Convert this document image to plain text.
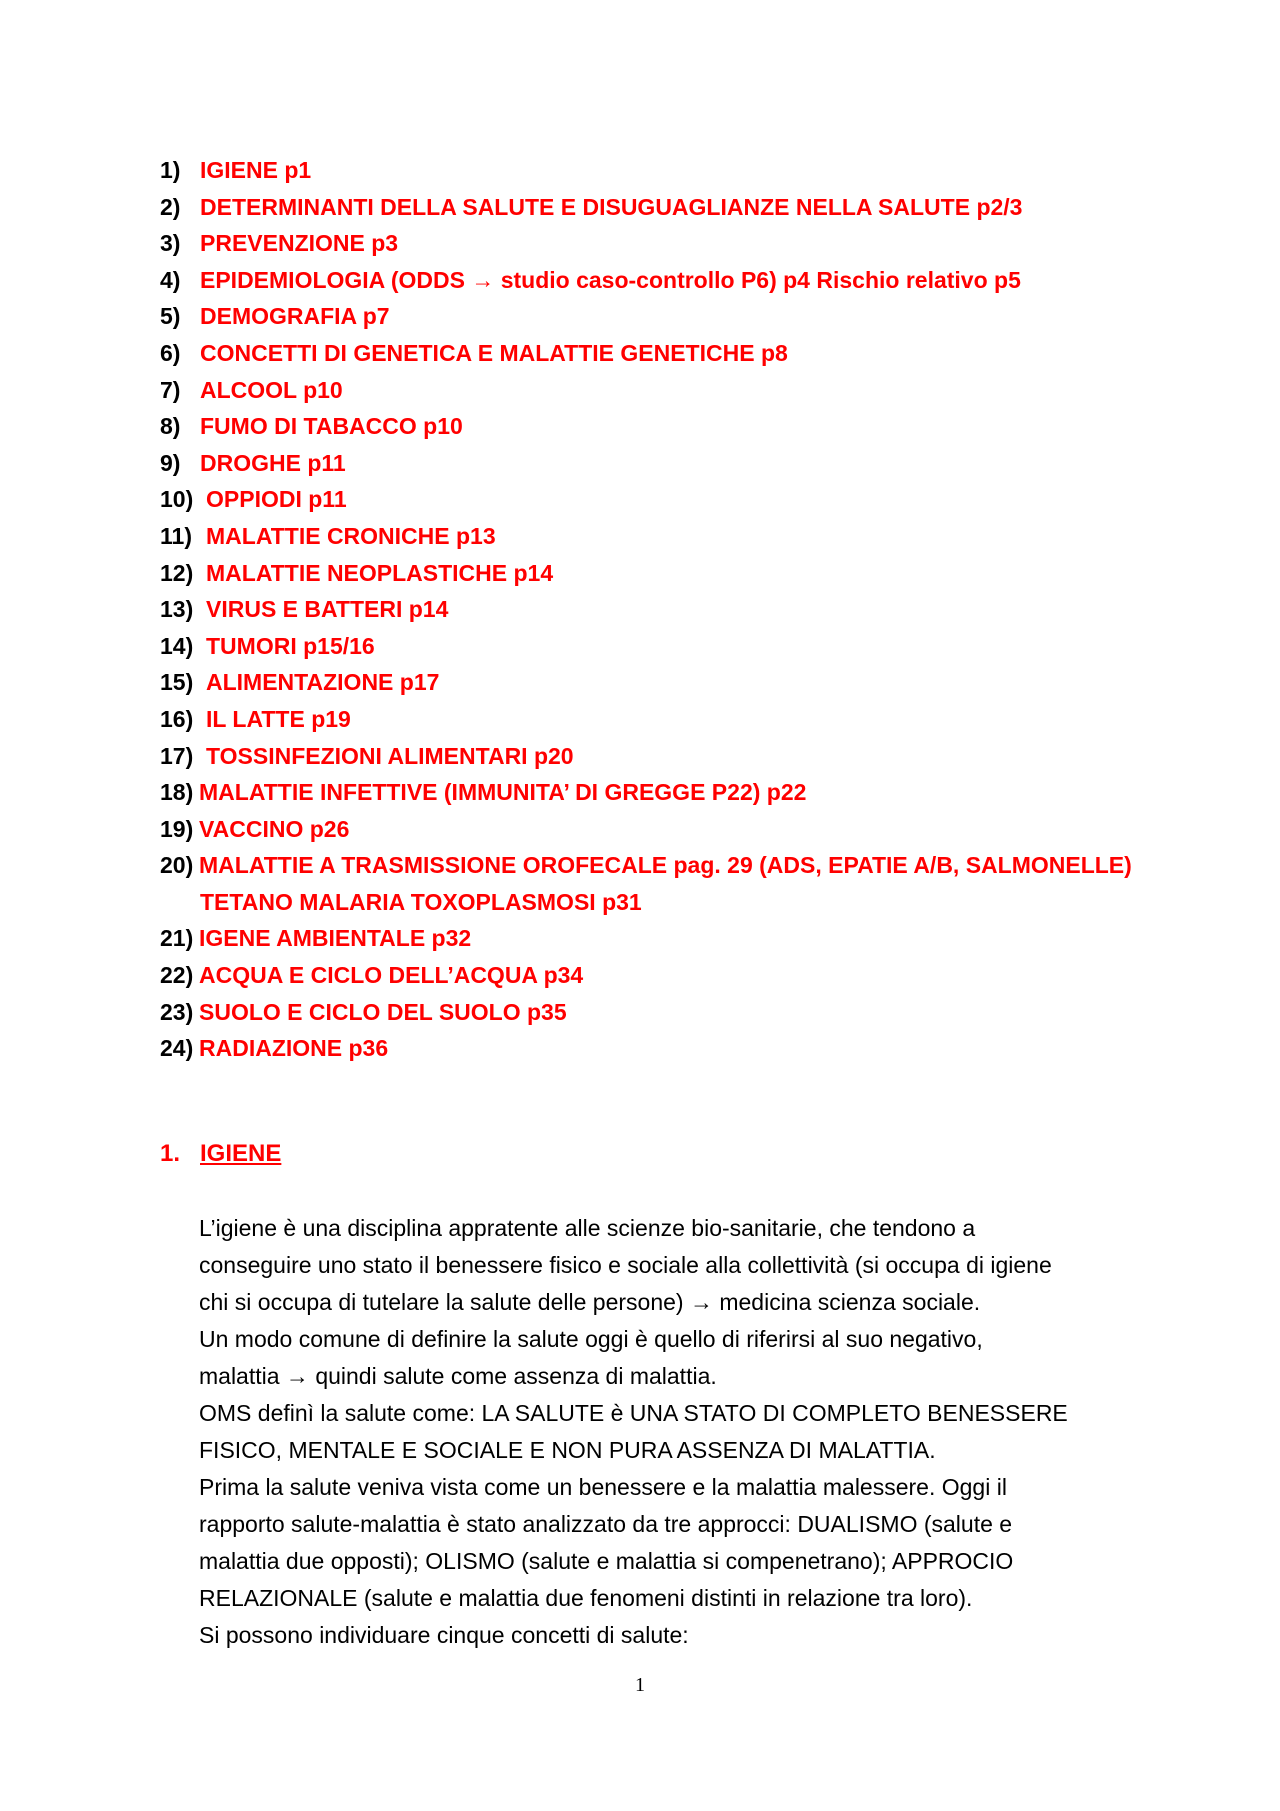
1) IGIENE p1
2) DETERMINANTI DELLA SALUTE E DISUGUAGLIANZE NELLA SALUTE p2/3
3) PREVENZIONE p3
4) EPIDEMIOLOGIA (ODDS → studio caso-controllo P6) p4 Rischio relativo p5
5) DEMOGRAFIA p7
6) CONCETTI DI GENETICA E MALATTIE GENETICHE p8
7) ALCOOL p10
8) FUMO DI TABACCO p10
9) DROGHE p11
10) OPPIODI p11
11) MALATTIE CRONICHE p13
12) MALATTIE NEOPLASTICHE p14
13) VIRUS E BATTERI p14
14) TUMORI p15/16
15) ALIMENTAZIONE p17
16) IL LATTE p19
17) TOSSINFEZIONI ALIMENTARI p20
18) MALATTIE INFETTIVE (IMMUNITA’ DI GREGGE P22) p22
19) VACCINO p26
20) MALATTIE A TRASMISSIONE OROFECALE pag. 29 (ADS, EPATIE A/B, SALMONELLE)
TETANO MALARIA TOXOPLASMOSI p31
21) IGENE AMBIENTALE p32
22) ACQUA E CICLO DELL’ACQUA p34
23) SUOLO E CICLO DEL SUOLO p35
24) RADIAZIONE p36
1. IGIENE
L’igiene è una disciplina appratente alle scienze bio-sanitarie, che tendono a
conseguire uno stato il benessere fisico e sociale alla collettività (si occupa di igiene
chi si occupa di tutelare la salute delle persone) → medicina scienza sociale.
Un modo comune di definire la salute oggi è quello di riferirsi al suo negativo,
malattia → quindi salute come assenza di malattia.
OMS definì la salute come: LA SALUTE è UNA STATO DI COMPLETO BENESSERE
FISICO, MENTALE E SOCIALE E NON PURA ASSENZA DI MALATTIA.
Prima la salute veniva vista come un benessere e la malattia malessere. Oggi il
rapporto salute-malattia è stato analizzato da tre approcci: DUALISMO (salute e
malattia due opposti); OLISMO (salute e malattia si compenetrano); APPROCIO
RELAZIONALE (salute e malattia due fenomeni distinti in relazione tra loro).
Si possono individuare cinque concetti di salute:
1
